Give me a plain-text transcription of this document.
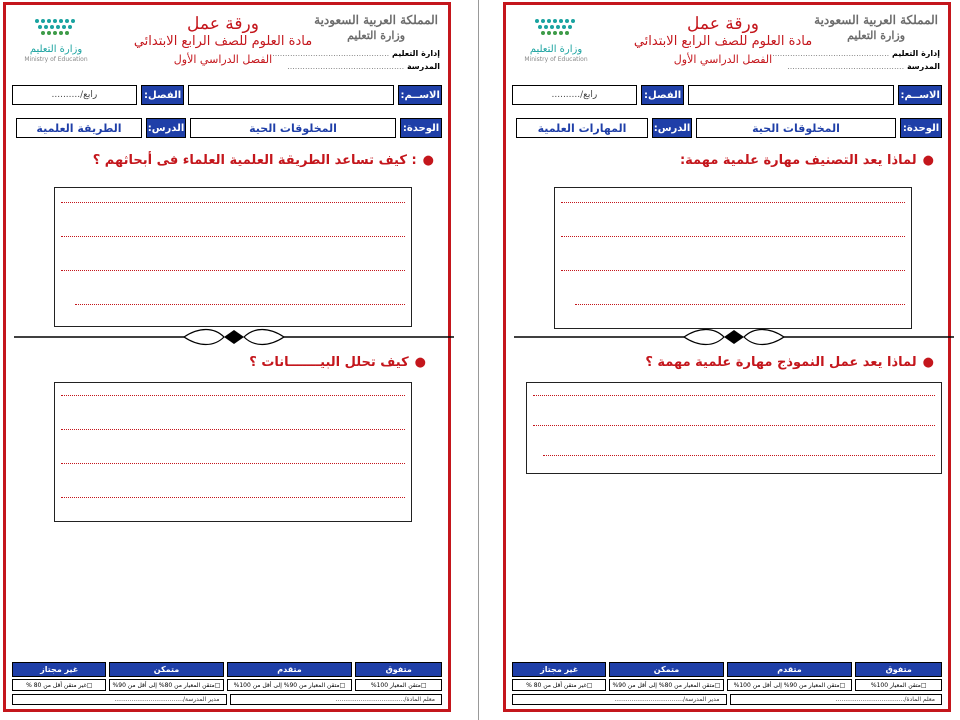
المملكة العربية السعودية
وزارة التعليم
إدارة التعليم ..............................................
المدرسة ..............................................
ورقة عمل
مادة العلوم للصف الرابع الابتدائي
الفصل الدراسي الأول
وزارة التعليم
Ministry of Education
الاســم:
الفصل:
رابع/..........
الوحدة:
المخلوقات الحية
الدرس:
المهارات العلمية
●لماذا يعد التصنيف مهارة علمية مهمة:
●لماذا يعد عمل النموذج مهارة علمية مهمة ؟
متفوق
متقدم
متمكن
غير مجتاز
□
متقن المعيار 100%
□
متقن المعيار من 90% إلى أقل من 100%
□
متقن المعيار من 80% إلى أقل من 90%
□
غير متقن أقل من 80 %
معلم المادة/....................................
مدير المدرسة/....................................
المملكة العربية السعودية
وزارة التعليم
إدارة التعليم ..............................................
المدرسة ..............................................
ورقة عمل
مادة العلوم للصف الرابع الابتدائي
الفصل الدراسي الأول
وزارة التعليم
Ministry of Education
الاســم:
الفصل:
رابع/..........
الوحدة:
المخلوقات الحية
الدرس:
الطريقة العلمية
●: كيف تساعد الطريقة العلمية العلماء فى أبحاثهم ؟
●كيف تحلل البيـــــــانات ؟
متفوق
متقدم
متمكن
غير مجتاز
□
متقن المعيار 100%
□
متقن المعيار من 90% إلى أقل من 100%
□
متقن المعيار من 80% إلى أقل من 90%
□
غير متقن أقل من 80 %
معلم المادة/....................................
مدير المدرسة/....................................
